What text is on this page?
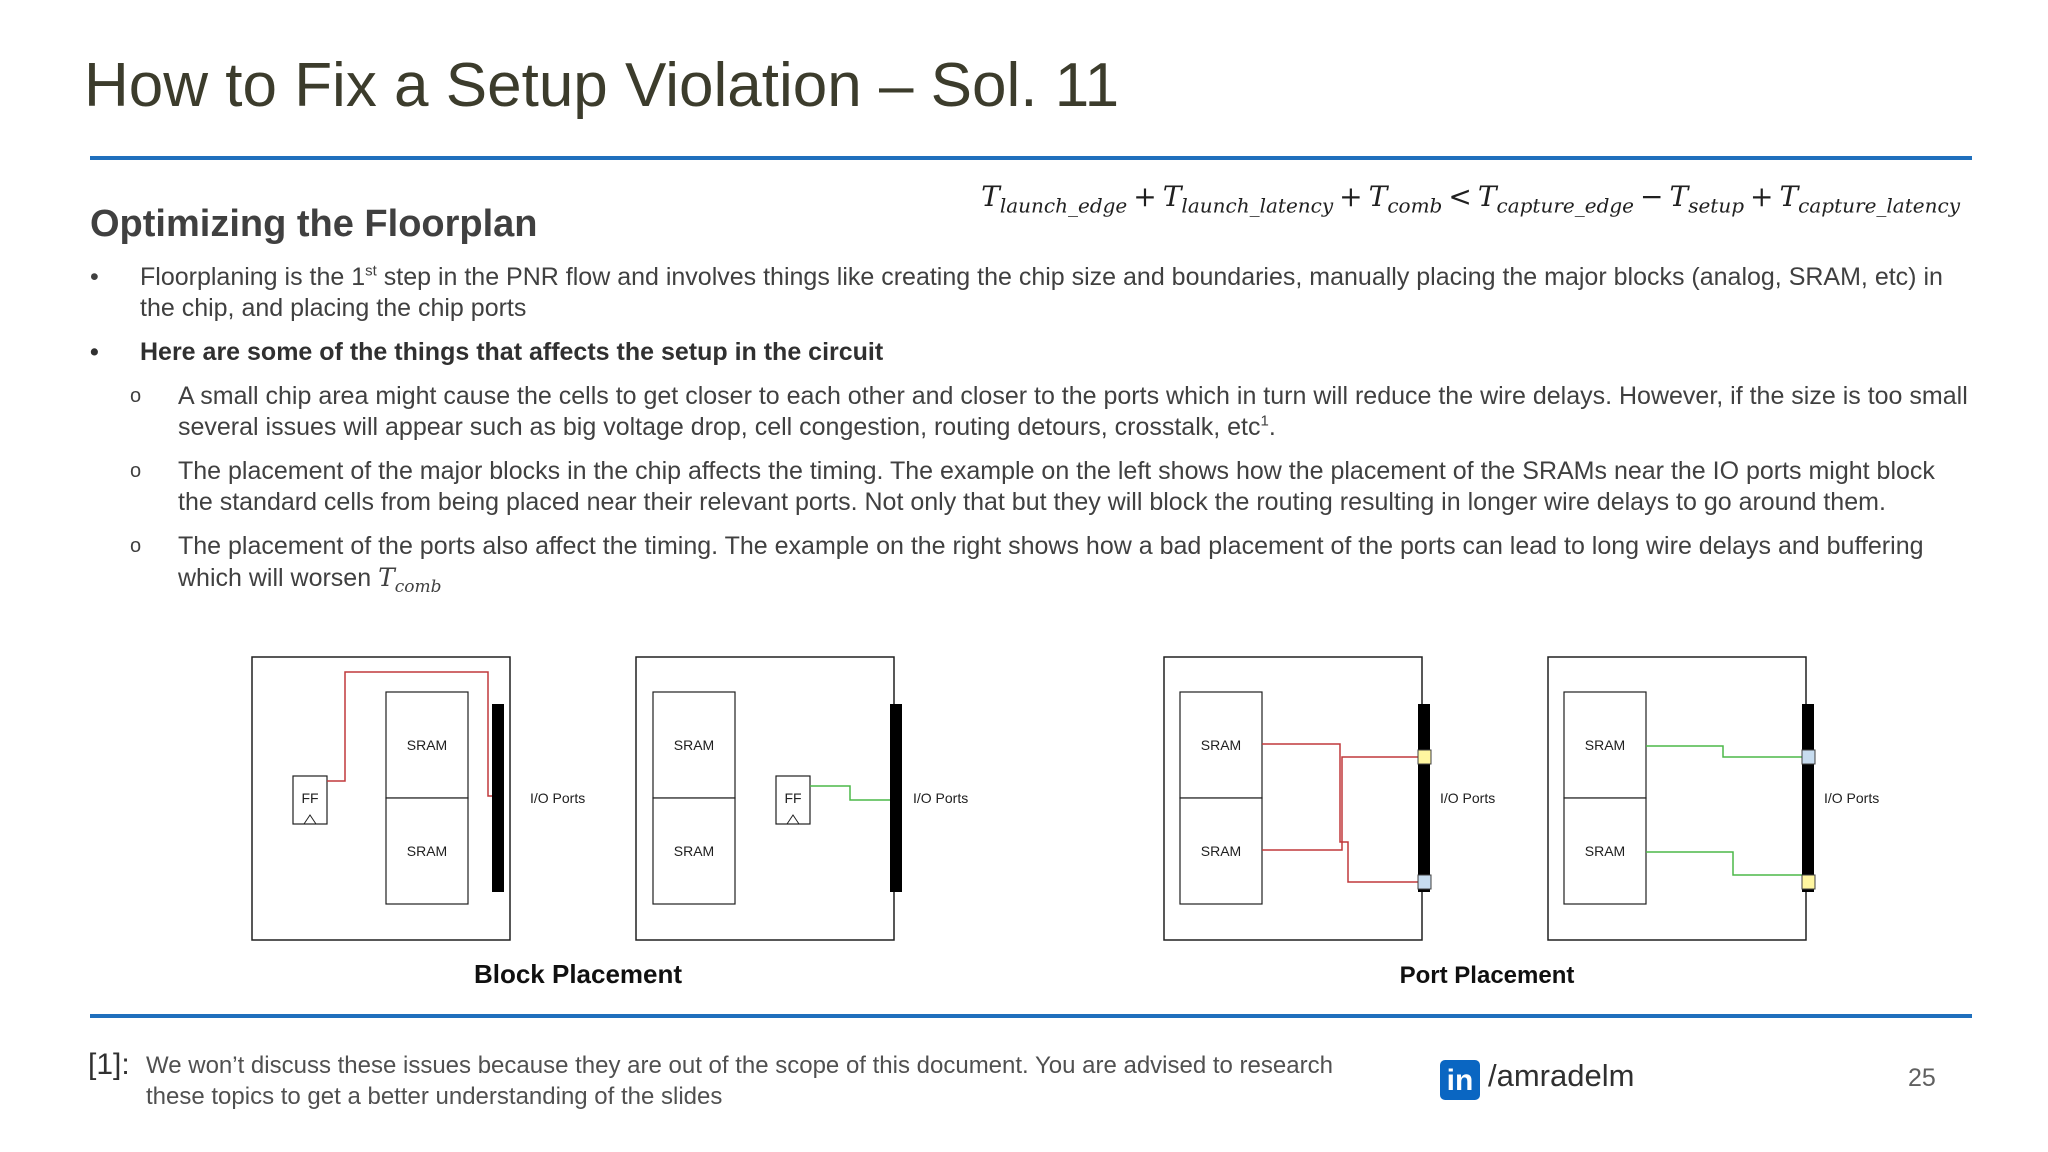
How to Fix a Setup Violation – Sol. 11
Optimizing the Floorplan
$T_{launch\_edge} + T_{launch\_latency} + T_{comb} < T_{capture\_edge} - T_{setup} + T_{capture\_latency}$
• Floorplaning is the 1st step in the PNR flow and involves things like creating the chip size and boundaries, manually placing the major blocks (analog, SRAM, etc) in the chip, and placing the chip ports
• Here are some of the things that affects the setup in the circuit
o A small chip area might cause the cells to get closer to each other and closer to the ports which in turn will reduce the wire delays. However, if the size is too small several issues will appear such as big voltage drop, cell congestion, routing detours, crosstalk, etc$^1$.
o The placement of the major blocks in the chip affects the timing. The example on the left shows how the placement of the SRAMs near the IO ports might block the standard cells from being placed near their relevant ports. Not only that but they will block the routing resulting in longer wire delays to go around them.
o The placement of the ports also affect the timing. The example on the right shows how a bad placement of the ports can lead to long wire delays and buffering which will worsen $T_{comb}$
SRAM
SRAM
I/O Ports
FF
SRAM
SRAM
I/O Ports
FF
Block Placement
SRAM
SRAM
I/O Ports
SRAM
SRAM
I/O Ports
Port Placement
[1]: We won’t discuss these issues because they are out of the scope of this document. You are advised to research these topics to get a better understanding of the slides	in /amradelm	25
